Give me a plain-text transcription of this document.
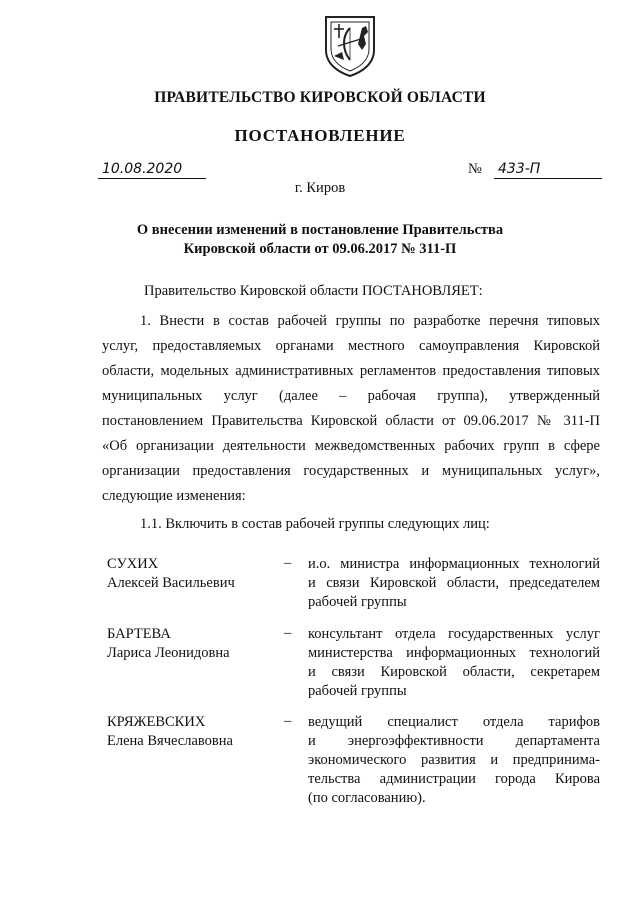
ПРАВИТЕЛЬСТВО КИРОВСКОЙ ОБЛАСТИ
ПОСТАНОВЛЕНИЕ
10.08.2020	№ 433-П
г. Киров
О внесении изменений в постановление Правительства
Кировской области от 09.06.2017 № 311-П
Правительство Кировской области ПОСТАНОВЛЯЕТ:
1. Внести в состав рабочей группы по разработке перечня типовых
услуг, предоставляемых органами местного самоуправления Кировской
области, модельных административных регламентов предоставления типовых
муниципальных услуг (далее – рабочая группа), утвержденный
постановлением Правительства Кировской области от 09.06.2017 № 311-П
«Об организации деятельности межведомственных рабочих групп в сфере
организации предоставления государственных и муниципальных услуг»,
следующие изменения:
1.1. Включить в состав рабочей группы следующих лиц:
СУХИХ
Алексей Васильевич
– и.о. министра информационных технологий
и связи Кировской области, председателем
рабочей группы
БАРТЕВА
Лариса Леонидовна
– консультант отдела государственных услуг
министерства информационных технологий
и связи Кировской области, секретарем
рабочей группы
КРЯЖЕВСКИХ
Елена Вячеславовна
– ведущий специалист отдела тарифов
и энергоэффективности департамента
экономического развития и предпринима-
тельства администрации города Кирова
(по согласованию).
